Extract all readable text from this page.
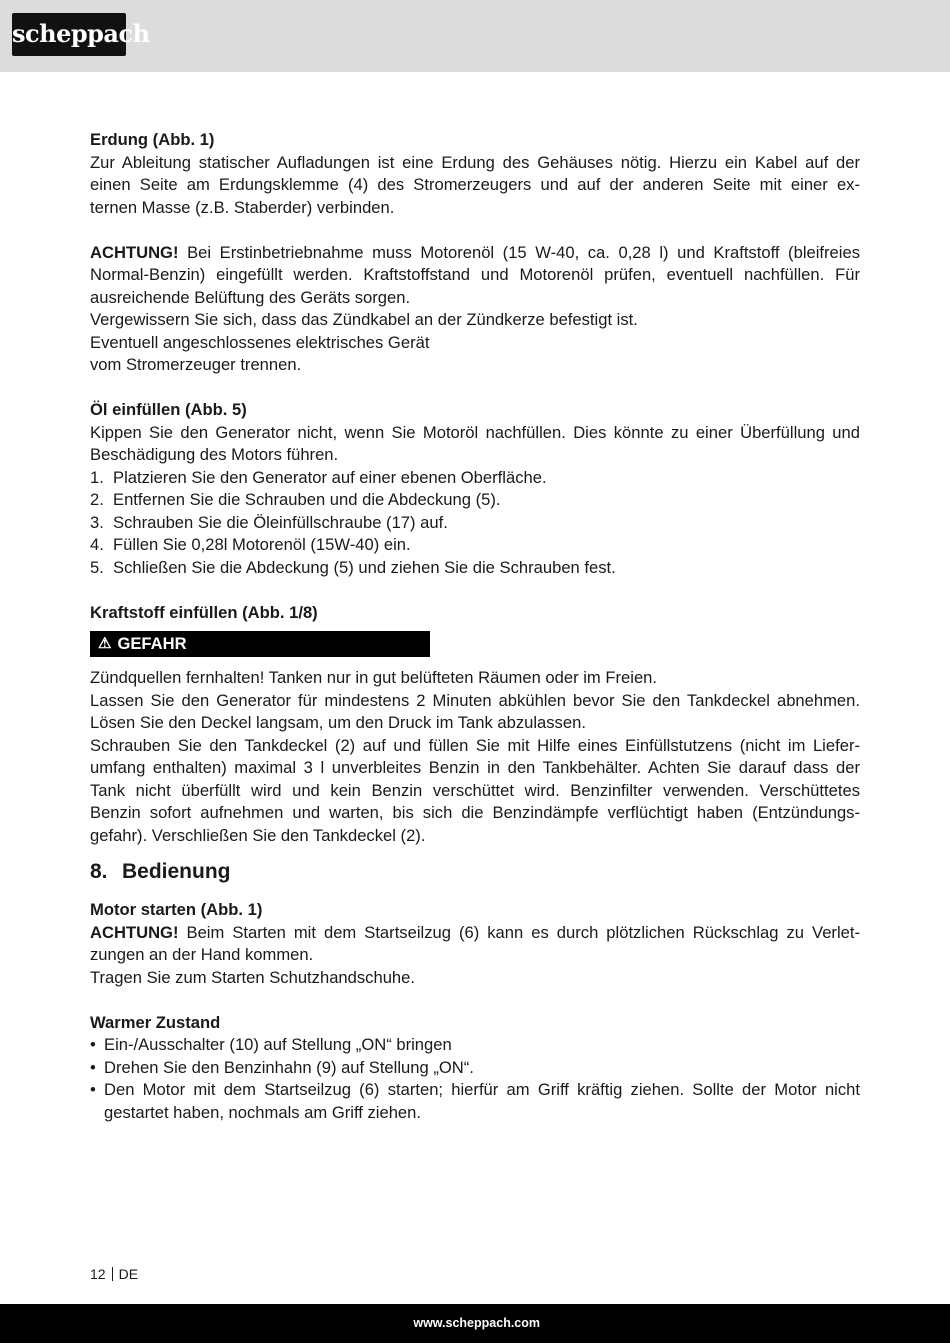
scheppach
Erdung (Abb. 1)
Zur Ableitung statischer Aufladungen ist eine Erdung des Gehäuses nötig. Hierzu ein Kabel auf der
einen Seite am Erdungsklemme (4) des Stromerzeugers und auf der anderen Seite mit einer ex-
ternen Masse (z.B. Staberder) verbinden.
ACHTUNG! Bei Erstinbetriebnahme muss Motorenöl (15 W-40, ca. 0,28 l) und Kraftstoff (bleifreies
Normal-Benzin) eingefüllt werden. Kraftstoffstand und Motorenöl prüfen, eventuell nachfüllen. Für
ausreichende Belüftung des Geräts sorgen.
Vergewissern Sie sich, dass das Zündkabel an der Zündkerze befestigt ist.
Eventuell angeschlossenes elektrisches Gerät
vom Stromerzeuger trennen.
Öl einfüllen (Abb. 5)
Kippen Sie den Generator nicht, wenn Sie Motoröl nachfüllen. Dies könnte zu einer Überfüllung und
Beschädigung des Motors führen.
1. Platzieren Sie den Generator auf einer ebenen Oberfläche.
2. Entfernen Sie die Schrauben und die Abdeckung (5).
3. Schrauben Sie die Öleinfüllschraube (17) auf.
4. Füllen Sie 0,28l Motorenöl (15W-40) ein.
5. Schließen Sie die Abdeckung (5) und ziehen Sie die Schrauben fest.
Kraftstoff einfüllen (Abb. 1/8)
⚠ GEFAHR
Zündquellen fernhalten! Tanken nur in gut belüfteten Räumen oder im Freien.
Lassen Sie den Generator für mindestens 2 Minuten abkühlen bevor Sie den Tankdeckel abnehmen.
Lösen Sie den Deckel langsam, um den Druck im Tank abzulassen.
Schrauben Sie den Tankdeckel (2) auf und füllen Sie mit Hilfe eines Einfüllstutzens (nicht im Liefer-
umfang enthalten) maximal 3 l unverbleites Benzin in den Tankbehälter. Achten Sie darauf dass der
Tank nicht überfüllt wird und kein Benzin verschüttet wird. Benzinfilter verwenden. Verschüttetes
Benzin sofort aufnehmen und warten, bis sich die Benzindämpfe verflüchtigt haben (Entzündungs-
gefahr). Verschließen Sie den Tankdeckel (2).
8. Bedienung
Motor starten (Abb. 1)
ACHTUNG! Beim Starten mit dem Startseilzug (6) kann es durch plötzlichen Rückschlag zu Verlet-
zungen an der Hand kommen.
Tragen Sie zum Starten Schutzhandschuhe.
Warmer Zustand
• Ein-/Ausschalter (10) auf Stellung „ON“ bringen
• Drehen Sie den Benzinhahn (9) auf Stellung „ON“.
• Den Motor mit dem Startseilzug (6) starten; hierfür am Griff kräftig ziehen. Sollte der Motor nicht
gestartet haben, nochmals am Griff ziehen.
12 DE
www.scheppach.com
